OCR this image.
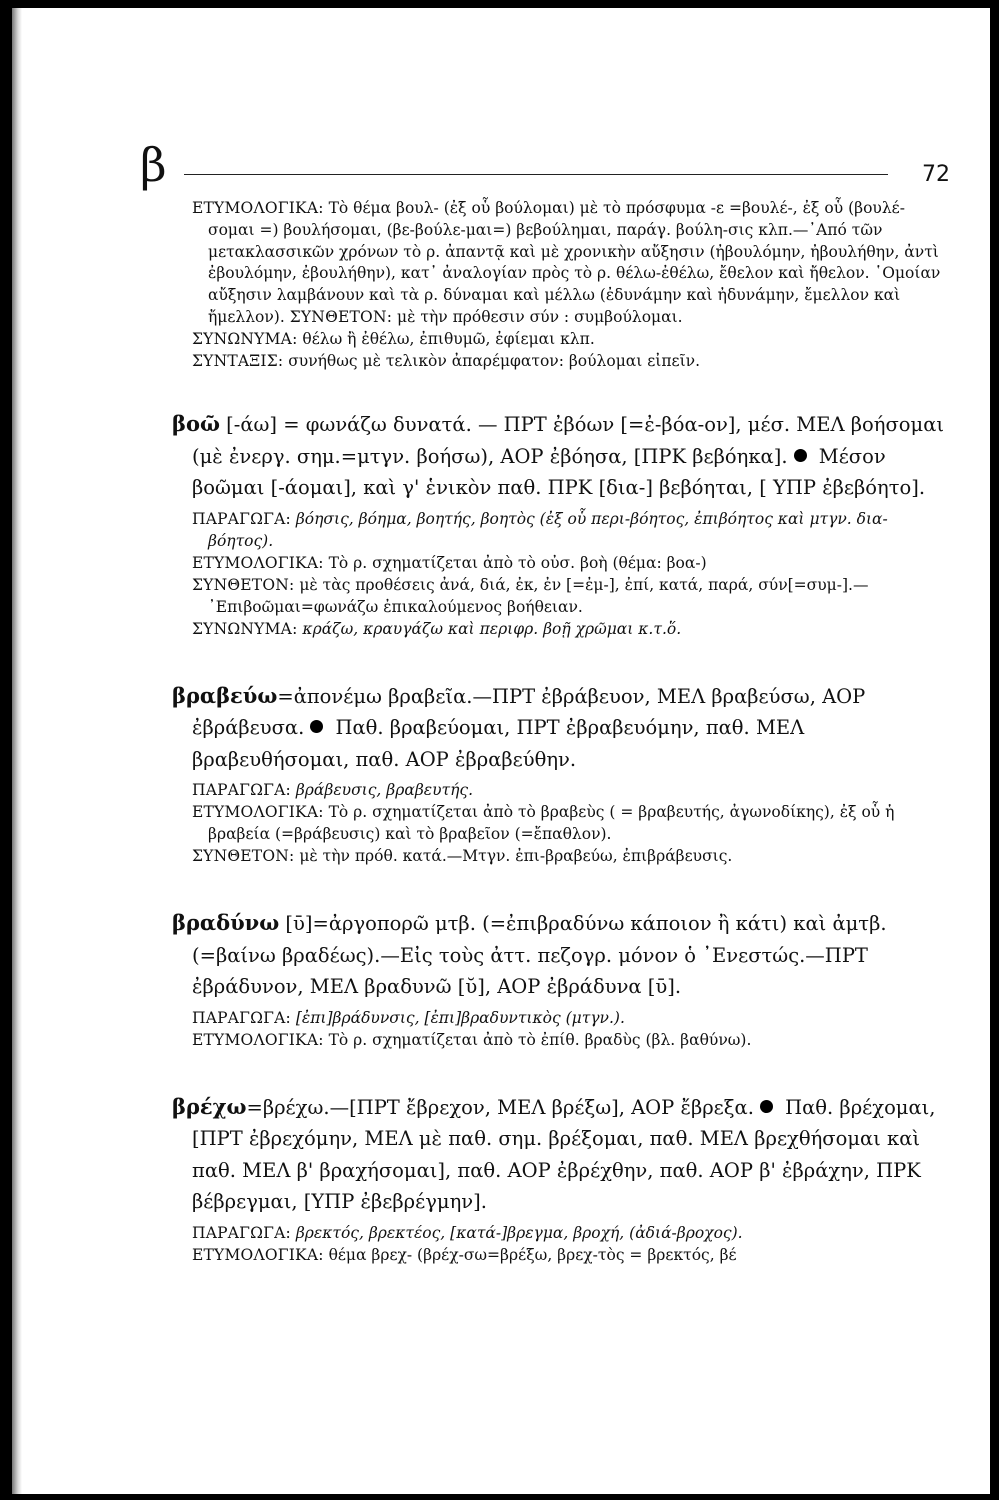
β	72

ΕΤΥΜΟΛΟΓΙΚΑ: Τὸ θέμα βουλ- (ἐξ οὗ βούλομαι) μὲ τὸ πρόσφυμα -ε =βουλέ-, ἐξ οὗ (βουλέ-σομαι =) βουλήσομαι, (βε-βούλε-μαι=) βεβούλημαι, παράγ. βούλη-σις κλπ.—᾿Από τῶν μετακλασσικῶν χρόνων τὸ ρ. ἀπαντᾷ καὶ μὲ χρονικὴν αὔξησιν (ἠβουλόμην, ἠβουλήθην, ἀντὶ ἐβουλόμην, ἐβουλήθην), κατ᾿ ἀναλογίαν πρὸς τὸ ρ. θέλω-ἐθέλω, ἔθελον καὶ ἤθελον. ῾Ομοίαν αὔξησιν λαμβάνουν καὶ τὰ ρ. δύναμαι καὶ μέλλω (ἐδυνάμην καὶ ἠδυνάμην, ἔμελλον καὶ ἤμελλον). ΣΥΝΘΕΤΟΝ: μὲ τὴν πρόθεσιν σύν : συμβούλομαι.

ΣΥΝΩΝΥΜΑ: θέλω ἢ ἐθέλω, ἐπιθυμῶ, ἐφίεμαι κλπ.

ΣΥΝΤΑΞΙΣ: συνήθως μὲ τελικὸν ἀπαρέμφατον: βούλομαι εἰπεῖν.

βοῶ [-άω] = φωνάζω δυνατά. — ΠΡΤ ἐβόων [=ἐ-βόα-ον], μέσ. ΜΕΛ βοήσομαι (μὲ ἐνεργ. σημ.=μτγν. βοήσω), ΑΟΡ ἐβόησα, [ΠΡΚ βεβόηκα]. Μέσον βοῶμαι [-άομαι], καὶ γ' ἑνικὸν παθ. ΠΡΚ [δια-] βεβόηται, [ ΥΠΡ ἐβεβόητο].

ΠΑΡΑΓΩΓΑ: βόησις, βόημα, βοητής, βοητὸς (ἐξ οὗ περι-βόητος, ἐπιβόητος καὶ μτγν. δια-βόητος).

ΕΤΥΜΟΛΟΓΙΚΑ: Τὸ ρ. σχηματίζεται ἀπὸ τὸ οὐσ. βοὴ (θέμα: βοα-)

ΣΥΝΘΕΤΟΝ: μὲ τὰς προθέσεις ἀνά, διά, ἐκ, ἐν [=ἐμ-], ἐπί, κατά, παρά, σύν[=συμ-].—᾿Επιβοῶμαι=φωνάζω ἐπικαλούμενος βοήθειαν.

ΣΥΝΩΝΥΜΑ: κράζω, κραυγάζω καὶ περιφρ. βοῇ χρῶμαι κ.τ.ὅ.

βραβεύω=ἀπονέμω βραβεῖα.—ΠΡΤ ἐβράβευον, ΜΕΛ βραβεύσω, ΑΟΡ ἐβράβευσα. Παθ. βραβεύομαι, ΠΡΤ ἐβραβευόμην, παθ. ΜΕΛ βραβευθήσομαι, παθ. ΑΟΡ ἐβραβεύθην.

ΠΑΡΑΓΩΓΑ: βράβευσις, βραβευτής.

ΕΤΥΜΟΛΟΓΙΚΑ: Τὸ ρ. σχηματίζεται ἀπὸ τὸ βραβεὺς ( = βραβευτής, ἀγωνοδίκης), ἐξ οὗ ἡ βραβεία (=βράβευσις) καὶ τὸ βραβεῖον (=ἔπαθλον).

ΣΥΝΘΕΤΟΝ: μὲ τὴν πρόθ. κατά.—Μτγν. ἐπι-βραβεύω, ἐπιβράβευσις.

βραδύνω [ῡ]=ἀργοπορῶ μτβ. (=ἐπιβραδύνω κάποιον ἢ κάτι) καὶ ἀμτβ. (=βαίνω βραδέως).—Εἰς τοὺς ἀττ. πεζογρ. μόνον ὁ ᾿Ενεστώς.—ΠΡΤ ἐβράδυνον, ΜΕΛ βραδυνῶ [ῠ], ΑΟΡ ἐβράδυνα [ῡ].

ΠΑΡΑΓΩΓΑ: [ἐπι]βράδυνσις, [ἐπι]βραδυντικὸς (μτγν.).

ΕΤΥΜΟΛΟΓΙΚΑ: Τὸ ρ. σχηματίζεται ἀπὸ τὸ ἐπίθ. βραδὺς (βλ. βαθύνω).

βρέχω=βρέχω.—[ΠΡΤ ἔβρεχον, ΜΕΛ βρέξω], ΑΟΡ ἔβρεξα. Παθ. βρέχομαι, [ΠΡΤ ἐβρεχόμην, ΜΕΛ μὲ παθ. σημ. βρέξομαι, παθ. ΜΕΛ βρεχθήσομαι καὶ παθ. ΜΕΛ β' βραχήσομαι], παθ. ΑΟΡ ἐβρέχθην, παθ. ΑΟΡ β' ἐβράχην, ΠΡΚ βέβρεγμαι, [ΥΠΡ ἐβεβρέγμην].

ΠΑΡΑΓΩΓΑ: βρεκτός, βρεκτέος, [κατά-]βρεγμα, βροχή, (ἀδιά-βροχος).

ΕΤΥΜΟΛΟΓΙΚΑ: θέμα βρεχ- (βρέχ-σω=βρέξω, βρεχ-τὸς = βρεκτός, βέ
